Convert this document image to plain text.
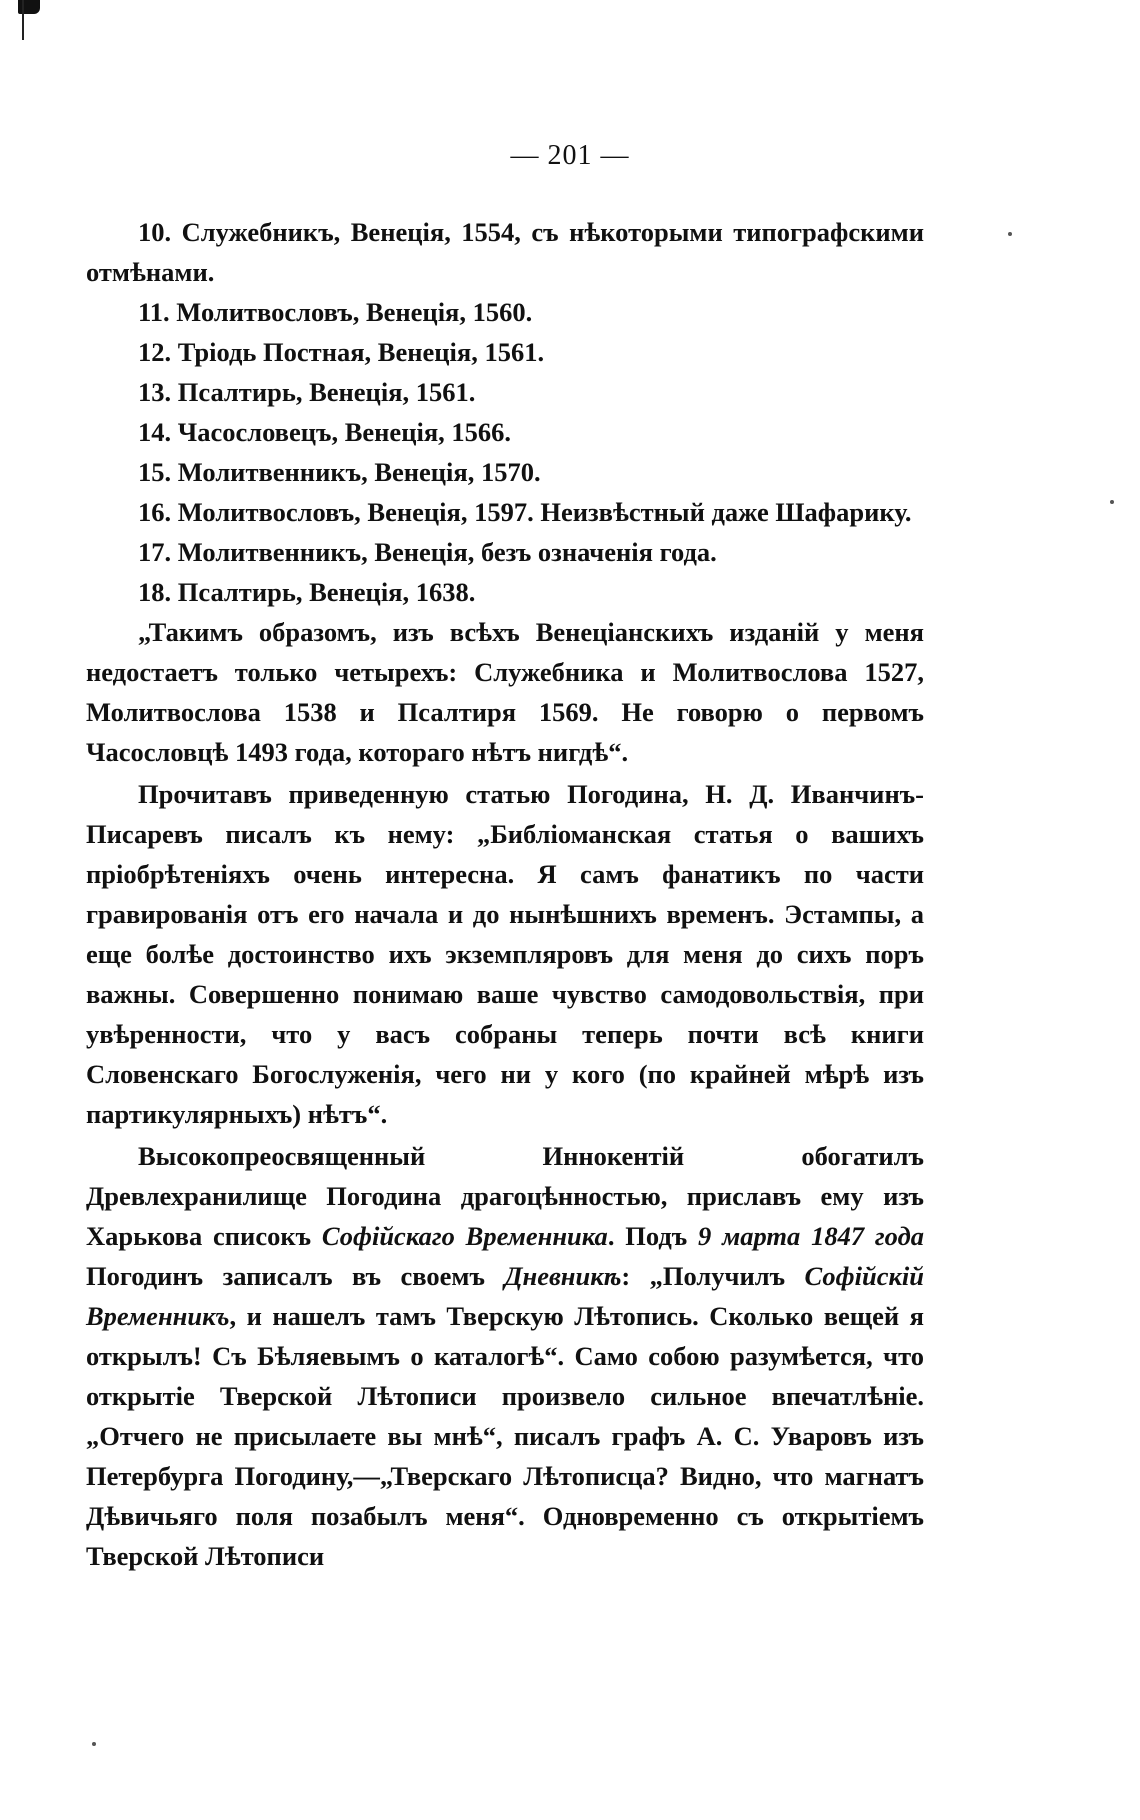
— 201 —

10. Служебникъ, Венеція, 1554, съ нѣкоторыми типографскими отмѣнами.

11. Молитвословъ, Венеція, 1560.

12. Тріодь Постная, Венеція, 1561.

13. Псалтирь, Венеція, 1561.

14. Часословецъ, Венеція, 1566.

15. Молитвенникъ, Венеція, 1570.

16. Молитвословъ, Венеція, 1597. Неизвѣстный даже Шафарику.

17. Молитвенникъ, Венеція, безъ означенія года.

18. Псалтирь, Венеція, 1638.

„Такимъ образомъ, изъ всѣхъ Венеціанскихъ изданій у меня недостаетъ только четырехъ: Служебника и Молитвослова 1527, Молитвослова 1538 и Псалтиря 1569. Не говорю о первомъ Часословцѣ 1493 года, котораго нѣтъ нигдѣ“.

Прочитавъ приведенную статью Погодина, Н. Д. Иванчинъ-Писаревъ писалъ къ нему: „Библіоманская статья о вашихъ пріобрѣтеніяхъ очень интересна. Я самъ фанатикъ по части гравированія отъ его начала и до нынѣшнихъ временъ. Эстампы, а еще болѣе достоинство ихъ экземпляровъ для меня до сихъ поръ важны. Совершенно понимаю ваше чувство самодовольствія, при увѣренности, что у васъ собраны теперь почти всѣ книги Словенскаго Богослуженія, чего ни у кого (по крайней мѣрѣ изъ партикулярныхъ) нѣтъ“.

Высокопреосвященный Иннокентій обогатилъ Древлехранилище Погодина драгоцѣнностью, приславъ ему изъ Харькова списокъ Софійскаго Временника. Подъ 9 марта 1847 года Погодинъ записалъ въ своемъ Дневникѣ: „Получилъ Софійскій Временникъ, и нашелъ тамъ Тверскую Лѣтопись. Сколько вещей я открылъ! Съ Бѣляевымъ о каталогѣ“. Само собою разумѣется, что открытіе Тверской Лѣтописи произвело сильное впечатлѣніе. „Отчего не присылаете вы мнѣ“, писалъ графъ А. С. Уваровъ изъ Петербурга Погодину,—„Тверскаго Лѣтописца? Видно, что магнатъ Дѣвичьяго поля позабылъ меня“. Одновременно съ открытіемъ Тверской Лѣтописи
